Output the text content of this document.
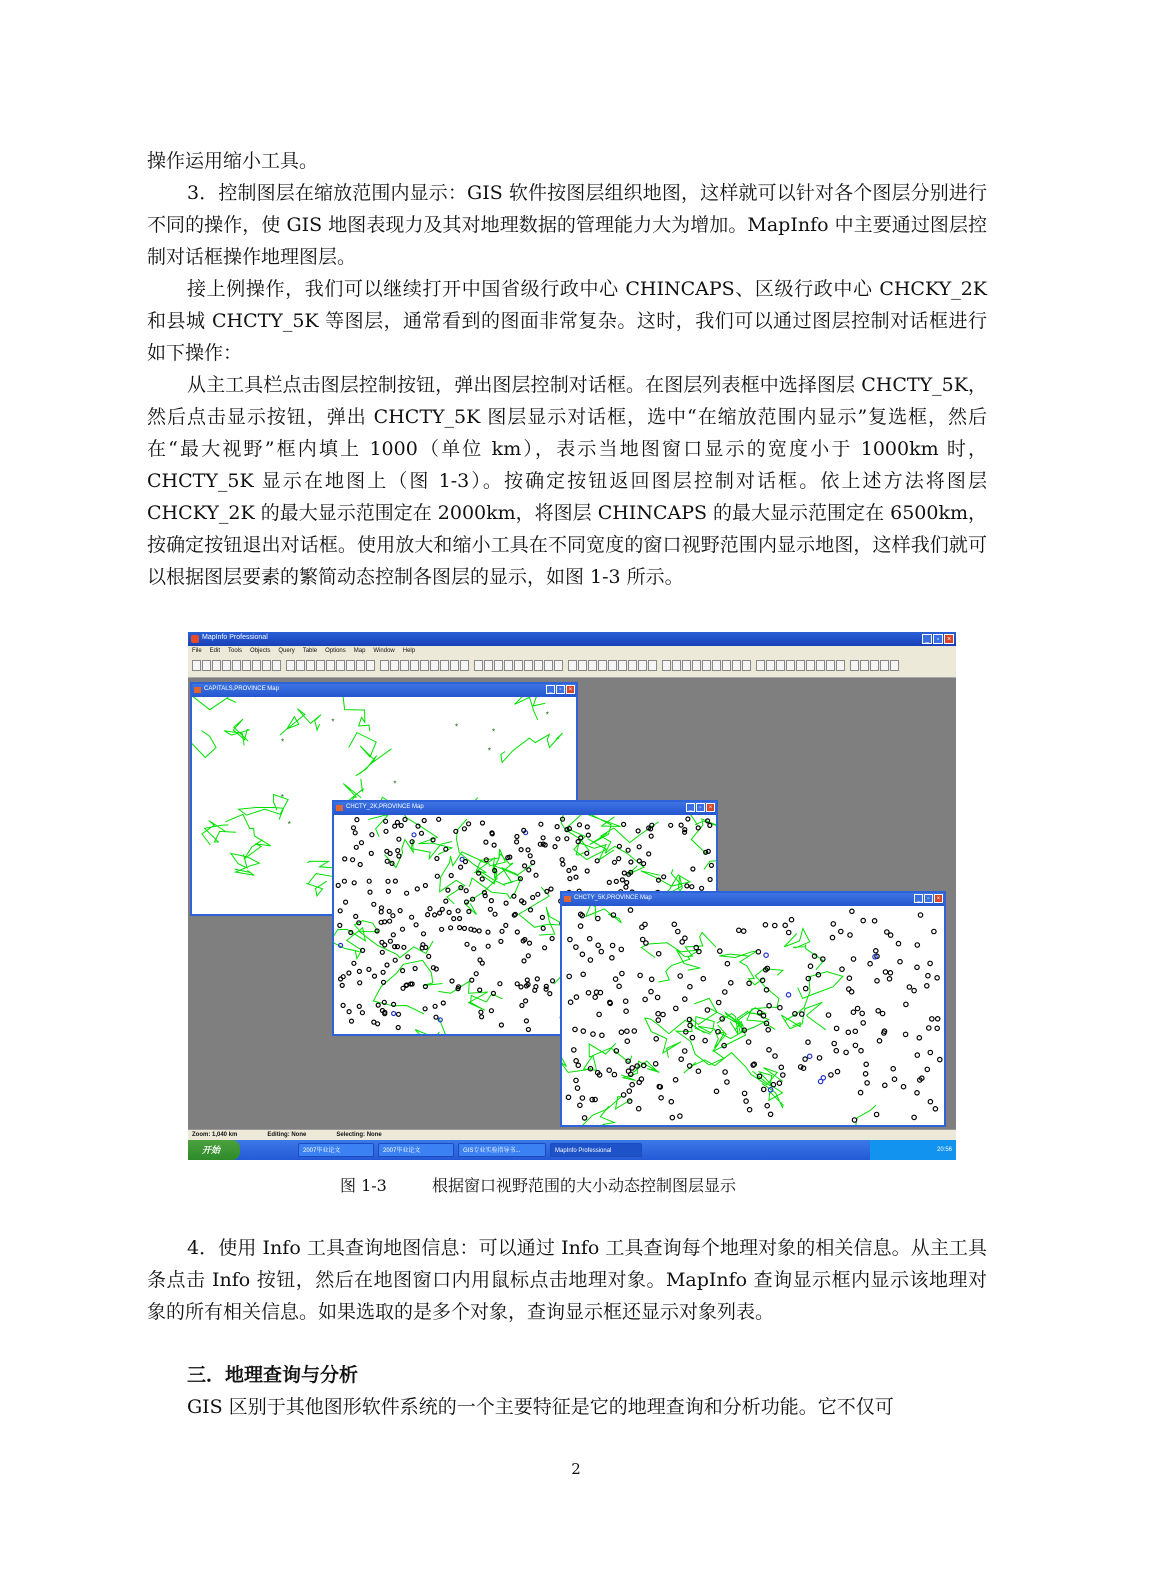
操作运用缩小工具。

3．控制图层在缩放范围内显示：GIS 软件按图层组织地图，这样就可以针对各个图层分别进行不同的操作，使 GIS 地图表现力及其对地理数据的管理能力大为增加。MapInfo 中主要通过图层控制对话框操作地理图层。

接上例操作，我们可以继续打开中国省级行政中心 CHINCAPS、区级行政中心 CHCKY_2K 和县城 CHCTY_5K 等图层，通常看到的图面非常复杂。这时，我们可以通过图层控制对话框进行如下操作：

从主工具栏点击图层控制按钮，弹出图层控制对话框。在图层列表框中选择图层 CHCTY_5K，然后点击显示按钮，弹出 CHCTY_5K 图层显示对话框，选中“在缩放范围内显示”复选框，然后在“最大视野”框内填上 1000（单位 km），表示当地图窗口显示的宽度小于 1000km 时，CHCTY_5K 显示在地图上（图 1-3）。按确定按钮返回图层控制对话框。依上述方法将图层 CHCKY_2K 的最大显示范围定在 2000km，将图层 CHINCAPS 的最大显示范围定在 6500km，按确定按钮退出对话框。使用放大和缩小工具在不同宽度的窗口视野范围内显示地图，这样我们就可以根据图层要素的繁简动态控制各图层的显示，如图 1-3 所示。

MapInfo Professional	_	▫	×
File Edit Tools Objects Query Table Options Map Window Help
CAPITALS,PROVINCE Map	_	▫	×
*
*
*
*
*
*
*
*
*
CHCTY_2K,PROVINCE Map	_	▫	×
CHCTY_5K,PROVINCE Map	_	▫	×
Zoom: 1,040 km	Editing: None	Selecting: None
开始	2007毕业论文	2007毕业论文	GIS专业实验指导书...	MapInfo Professional	20:56
图 1-3	根据窗口视野范围的大小动态控制图层显示

4．使用 Info 工具查询地图信息：可以通过 Info 工具查询每个地理对象的相关信息。从主工具条点击 Info 按钮，然后在地图窗口内用鼠标点击地理对象。MapInfo 查询显示框内显示该地理对象的所有相关信息。如果选取的是多个对象，查询显示框还显示对象列表。

三．地理查询与分析

GIS 区别于其他图形软件系统的一个主要特征是它的地理查询和分析功能。它不仅可

2
